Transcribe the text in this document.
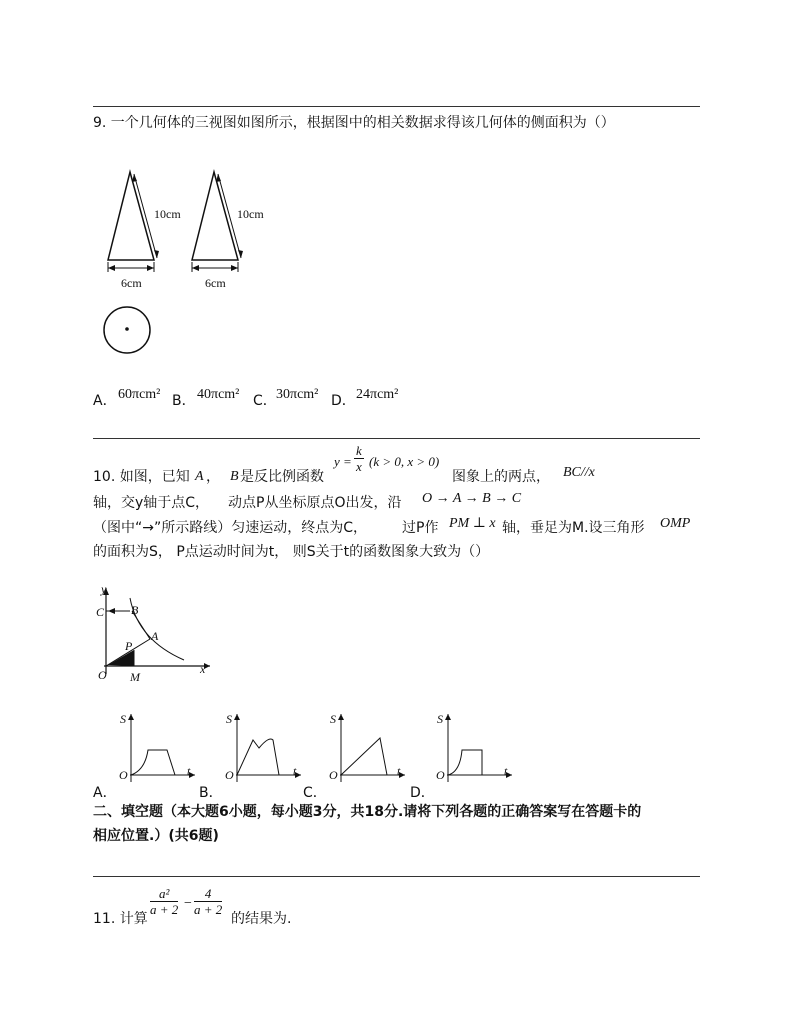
9. 一个几何体的三视图如图所示，根据图中的相关数据求得该几何体的侧面积为（）
10cm
6cm
10cm
6cm
A． 60πcm² B． 40πcm² C． 30πcm² D． 24πcm²
10. 如图，已知 A ， B 是反比例函数
$y = \frac{k}{x} (k > 0$, x > 0)
图象上的两点， BC//x
轴，交y轴于点C， 动点P从坐标原点O出发，沿 O → A → B → C
（图中“→”所示路线）匀速运动，终点为C， 过P作 PM ⊥ x 轴，垂足为M.设三角形 OMP
的面积为S， P点运动时间为t， 则S关于t的函数图象大致为（）
y
C B
P
A
O M
x
S
O	t
A．
S
O	t
B．
S
O	t
C．
S
O	t
D．
二、填空题（本大题6小题，每小题3分，共18分.请将下列各题的正确答案写在答题卡的
相应位置.）(共6题)
11. 计算
$\frac{\text{a²}}{a + 2} - \frac{4}{a + 2}$
的结果为.
